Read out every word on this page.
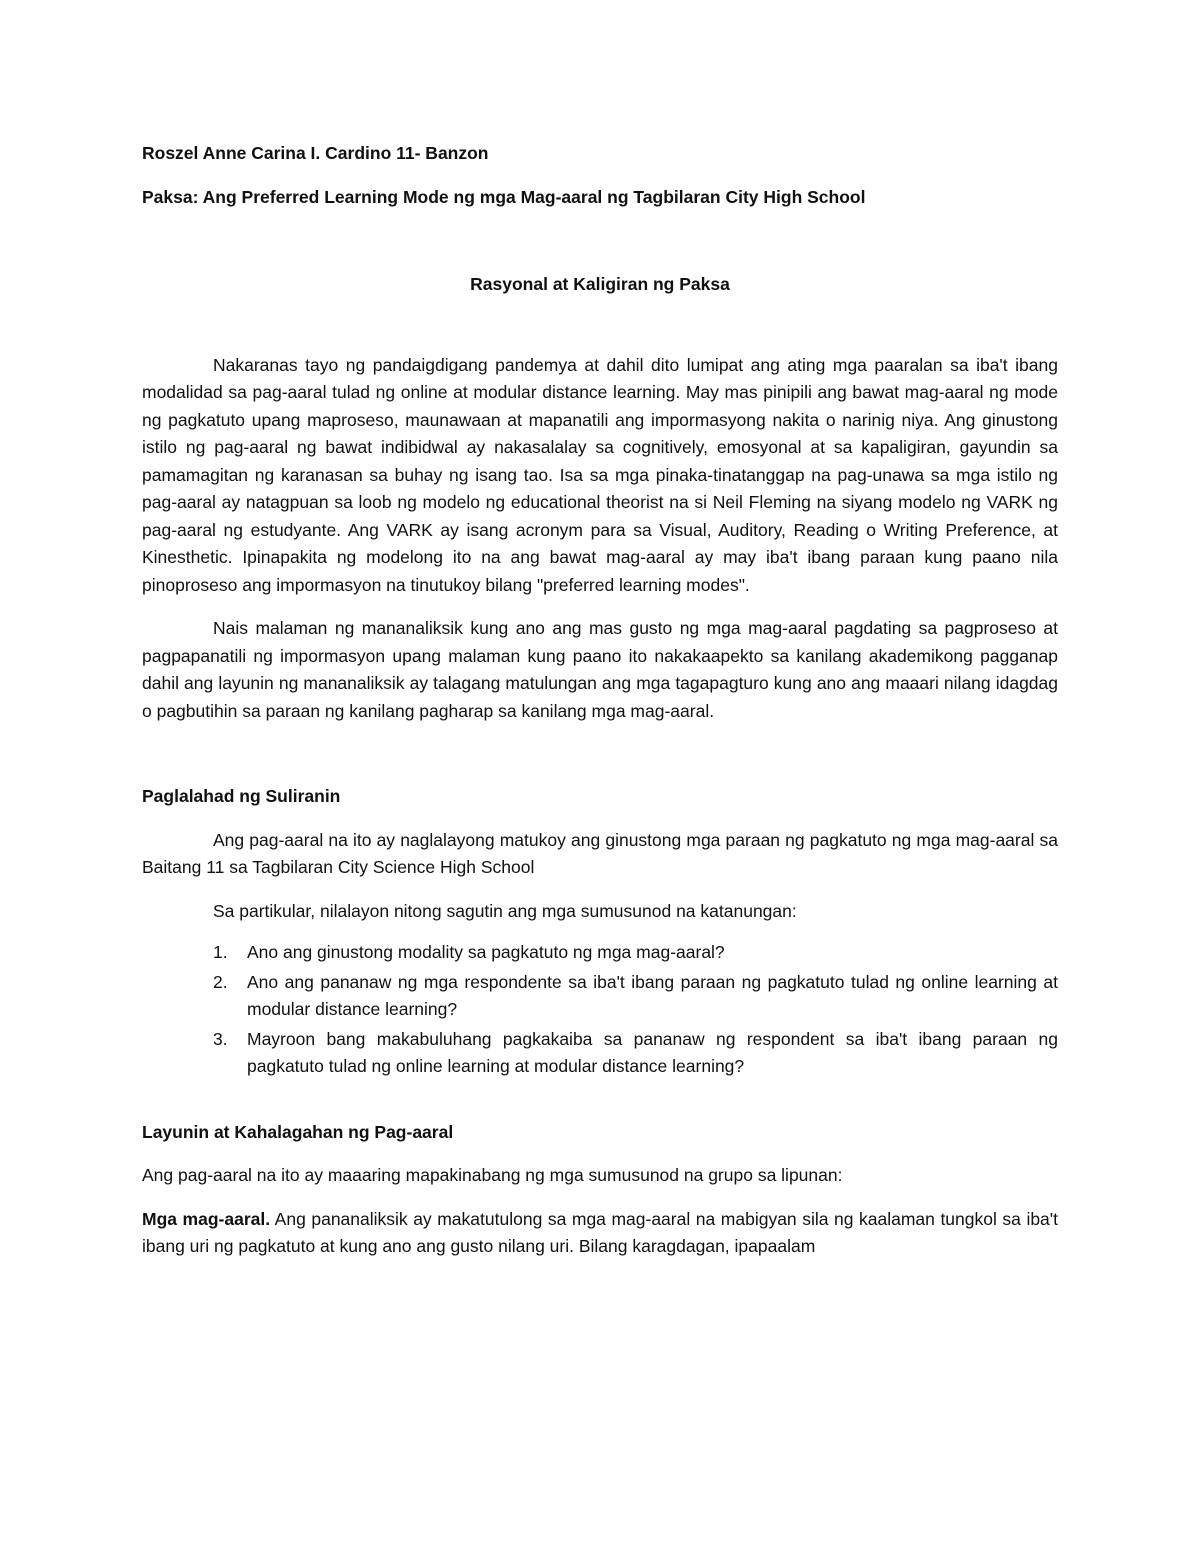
Roszel Anne Carina I. Cardino 11- Banzon

Paksa: Ang Preferred Learning Mode ng mga Mag-aaral ng Tagbilaran City High School

Rasyonal at Kaligiran ng Paksa

Nakaranas tayo ng pandaigdigang pandemya at dahil dito lumipat ang ating mga paaralan sa iba't ibang modalidad sa pag-aaral tulad ng online at modular distance learning. May mas pinipili ang bawat mag-aaral ng mode ng pagkatuto upang maproseso, maunawaan at mapanatili ang impormasyong nakita o narinig niya. Ang ginustong istilo ng pag-aaral ng bawat indibidwal ay nakasalalay sa cognitively, emosyonal at sa kapaligiran, gayundin sa pamamagitan ng karanasan sa buhay ng isang tao. Isa sa mga pinaka-tinatanggap na pag-unawa sa mga istilo ng pag-aaral ay natagpuan sa loob ng modelo ng educational theorist na si Neil Fleming na siyang modelo ng VARK ng pag-aaral ng estudyante. Ang VARK ay isang acronym para sa Visual, Auditory, Reading o Writing Preference, at Kinesthetic. Ipinapakita ng modelong ito na ang bawat mag-aaral ay may iba't ibang paraan kung paano nila pinoproseso ang impormasyon na tinutukoy bilang "preferred learning modes".

Nais malaman ng mananaliksik kung ano ang mas gusto ng mga mag-aaral pagdating sa pagproseso at pagpapanatili ng impormasyon upang malaman kung paano ito nakakaapekto sa kanilang akademikong pagganap dahil ang layunin ng mananaliksik ay talagang matulungan ang mga tagapagturo kung ano ang maaari nilang idagdag o pagbutihin sa paraan ng kanilang pagharap sa kanilang mga mag-aaral.

Paglalahad ng Suliranin

Ang pag-aaral na ito ay naglalayong matukoy ang ginustong mga paraan ng pagkatuto ng mga mag-aaral sa Baitang 11 sa Tagbilaran City Science High School

Sa partikular, nilalayon nitong sagutin ang mga sumusunod na katanungan:

1. Ano ang ginustong modality sa pagkatuto ng mga mag-aaral?
2. Ano ang pananaw ng mga respondente sa iba't ibang paraan ng pagkatuto tulad ng online learning at modular distance learning?
3. Mayroon bang makabuluhang pagkakaiba sa pananaw ng respondent sa iba't ibang paraan ng pagkatuto tulad ng online learning at modular distance learning?

Layunin at Kahalagahan ng Pag-aaral

Ang pag-aaral na ito ay maaaring mapakinabang ng mga sumusunod na grupo sa lipunan:

Mga mag-aaral. Ang pananaliksik ay makatutulong sa mga mag-aaral na mabigyan sila ng kaalaman tungkol sa iba't ibang uri ng pagkatuto at kung ano ang gusto nilang uri. Bilang karagdagan, ipapaalam
